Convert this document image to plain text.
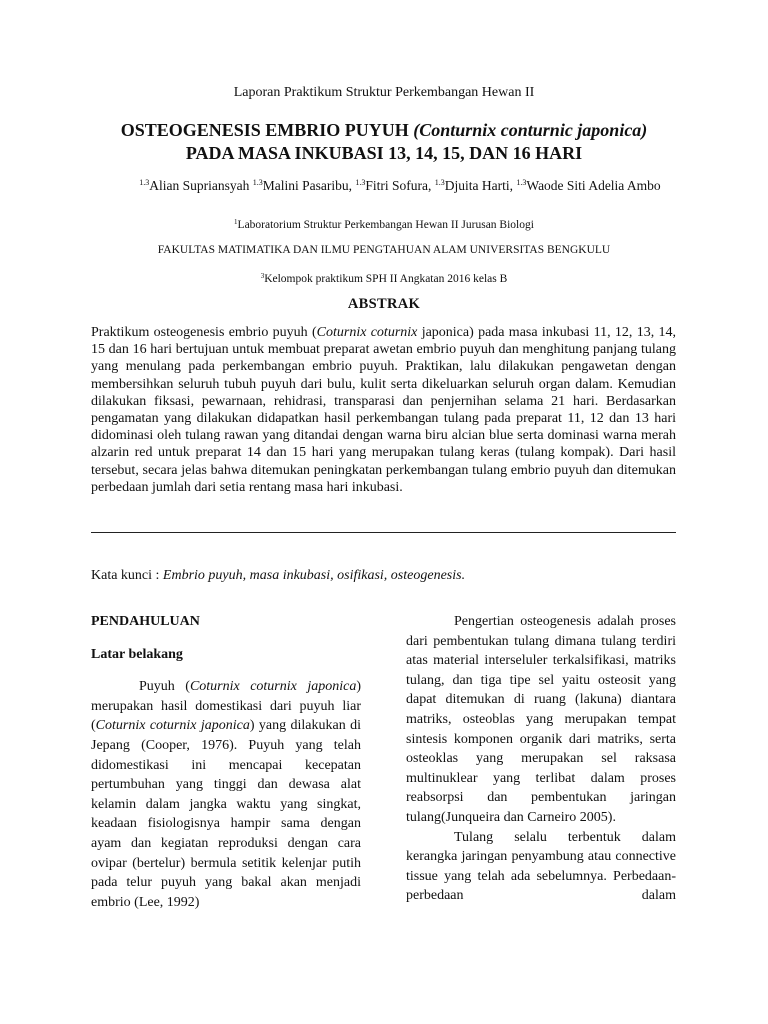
Laporan Praktikum Struktur Perkembangan Hewan II
OSTEOGENESIS EMBRIO PUYUH (Conturnix conturnic japonica)
PADA MASA INKUBASI 13, 14, 15, DAN 16 HARI
$^{1.3}$Alian Supriansyah $^{1.3}$Malini Pasaribu, $^{1.3}$Fitri Sofura, $^{1.3}$Djuita Harti, $^{1.3}$Waode Siti Adelia Ambo
$^1$Laboratorium Struktur Perkembangan Hewan II Jurusan Biologi
FAKULTAS MATIMATIKA DAN ILMU PENGTAHUAN ALAM UNIVERSITAS BENGKULU
$^3$Kelompok praktikum SPH II Angkatan 2016 kelas B
ABSTRAK
Praktikum osteogenesis embrio puyuh (Coturnix coturnix japonica) pada masa inkubasi 11, 12, 13, 14, 15 dan 16 hari bertujuan untuk membuat preparat awetan embrio puyuh dan menghitung panjang tulang yang menulang pada perkembangan embrio puyuh. Praktikan, lalu dilakukan pengawetan dengan membersihkan seluruh tubuh puyuh dari bulu, kulit serta dikeluarkan seluruh organ dalam. Kemudian dilakukan fiksasi, pewarnaan, rehidrasi, transparasi dan penjernihan selama 21 hari. Berdasarkan pengamatan yang dilakukan didapatkan hasil perkembangan tulang pada preparat 11, 12 dan 13 hari didominasi oleh tulang rawan yang ditandai dengan warna biru alcian blue serta dominasi warna merah alzarin red untuk preparat 14 dan 15 hari yang merupakan tulang keras (tulang kompak). Dari hasil tersebut, secara jelas bahwa ditemukan peningkatan perkembangan tulang embrio puyuh dan ditemukan perbedaan jumlah dari setia rentang masa hari inkubasi.
Kata kunci : Embrio puyuh, masa inkubasi, osifikasi, osteogenesis.

PENDAHULUAN

Latar belakang

Puyuh (Coturnix coturnix japonica) merupakan hasil domestikasi dari puyuh liar (Coturnix coturnix japonica) yang dilakukan di Jepang (Cooper, 1976). Puyuh yang telah didomestikasi ini mencapai kecepatan pertumbuhan yang tinggi dan dewasa alat kelamin dalam jangka waktu yang singkat, keadaan fisiologisnya hampir sama dengan ayam dan kegiatan reproduksi dengan cara ovipar (bertelur) bermula setitik kelenjar putih pada telur puyuh yang bakal akan menjadi embrio (Lee, 1992)

Pengertian osteogenesis adalah proses dari pembentukan tulang dimana tulang terdiri atas material interseluler terkalsifikasi, matriks tulang, dan tiga tipe sel yaitu osteosit yang dapat ditemukan di ruang (lakuna) diantara matriks, osteoblas yang merupakan tempat sintesis komponen organik dari matriks, serta osteoklas yang merupakan sel raksasa multinuklear yang terlibat dalam proses reabsorpsi dan pembentukan jaringan tulang(Junqueira dan Carneiro 2005).

Tulang selalu terbentuk dalam kerangka jaringan penyambung atau connective tissue yang telah ada sebelumnya. Perbedaan-perbedaan dalam
